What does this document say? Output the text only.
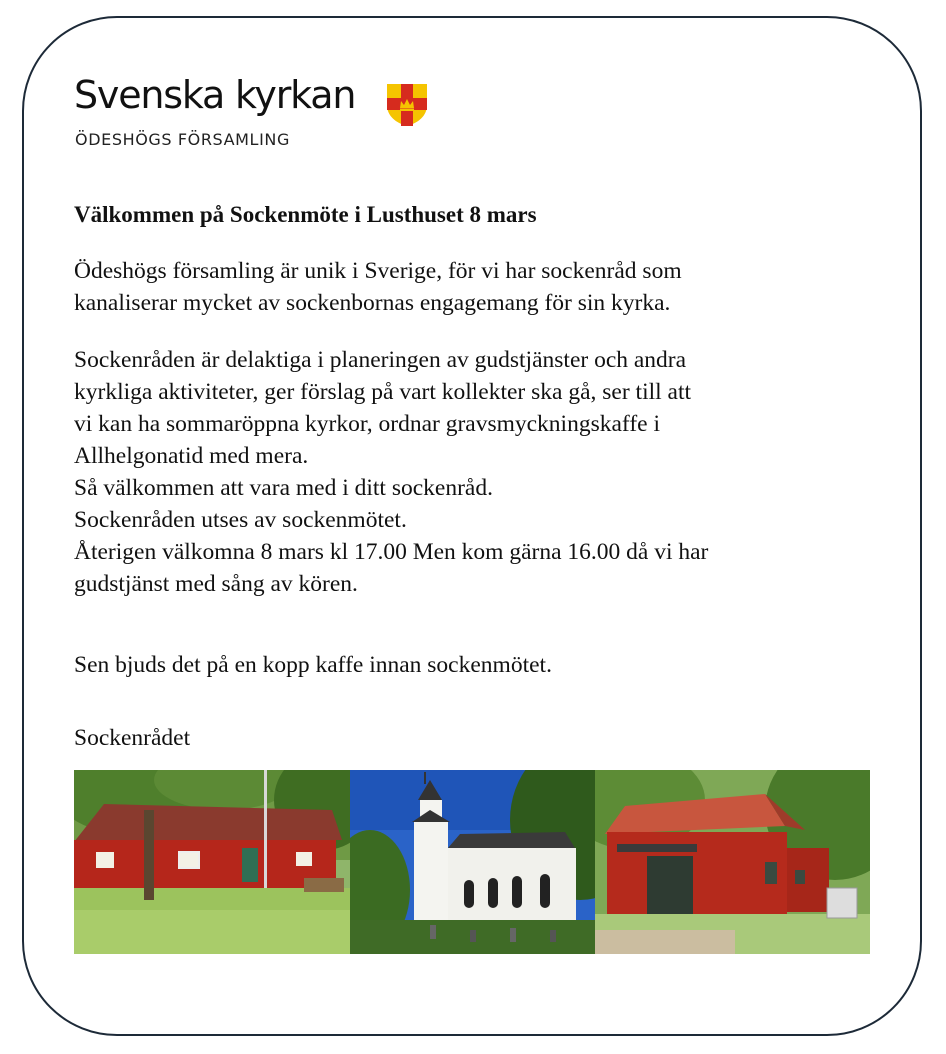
Svenska kyrkan
ÖDESHÖGS FÖRSAMLING
Välkommen på Sockenmöte i Lusthuset 8 mars

Ödeshögs församling är unik i Sverige, för vi har sockenråd som
kanaliserar mycket av sockenbornas engagemang för sin kyrka.

Sockenråden är delaktiga i planeringen av gudstjänster och andra
kyrkliga aktiviteter, ger förslag på vart kollekter ska gå, ser till att
vi kan ha sommaröppna kyrkor, ordnar gravsmyckningskaffe i
Allhelgonatid med mera.
Så välkommen att vara med i ditt sockenråd.
Sockenråden utses av sockenmötet.
Återigen välkomna 8 mars kl 17.00 Men kom gärna 16.00 då vi har
gudstjänst med sång av kören.

Sen bjuds det på en kopp kaffe innan sockenmötet.

Sockenrådet
